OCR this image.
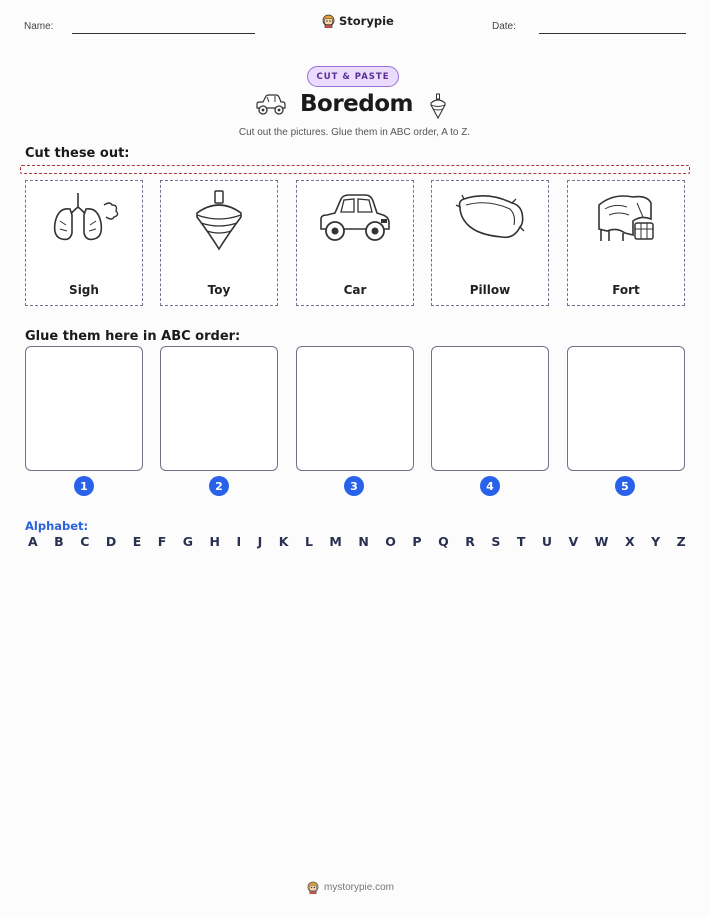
Name:	Storypie	Date:
CUT & PASTE
Boredom
Cut out the pictures. Glue them in ABC order, A to Z.
Cut these out:
Sigh	Toy	Car	Pillow	Fort
Glue them here in ABC order:
1	2	3	4	5
Alphabet:
A B C D E F G H I J K L M N O P Q R S T U V W X Y Z
mystorypie.com
